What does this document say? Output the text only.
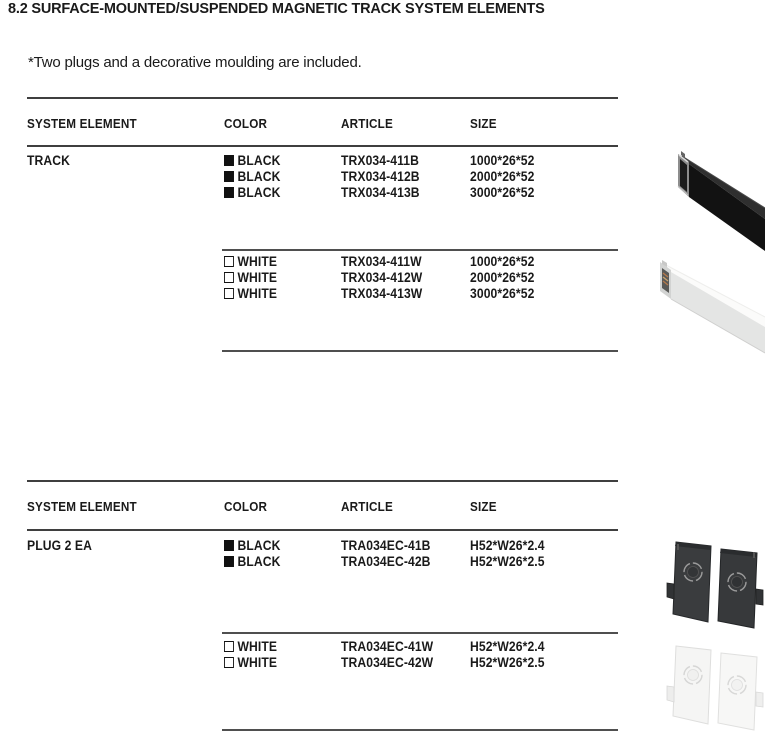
8.2 SURFACE-MOUNTED/SUSPENDED MAGNETIC TRACK SYSTEM ELEMENTS
*Two plugs and a decorative moulding are included.
SYSTEM ELEMENT	COLOR	ARTICLE	SIZE
TRACK	BLACK	TRX034-411B	1000*26*52
BLACK	TRX034-412B	2000*26*52
BLACK	TRX034-413B	3000*26*52
WHITE	TRX034-411W	1000*26*52
WHITE	TRX034-412W	2000*26*52
WHITE	TRX034-413W	3000*26*52
SYSTEM ELEMENT	COLOR	ARTICLE	SIZE
PLUG 2 EA	BLACK	TRA034EC-41B	H52*W26*2.4
BLACK	TRA034EC-42B	H52*W26*2.5
WHITE	TRA034EC-41W	H52*W26*2.4
WHITE	TRA034EC-42W	H52*W26*2.5
